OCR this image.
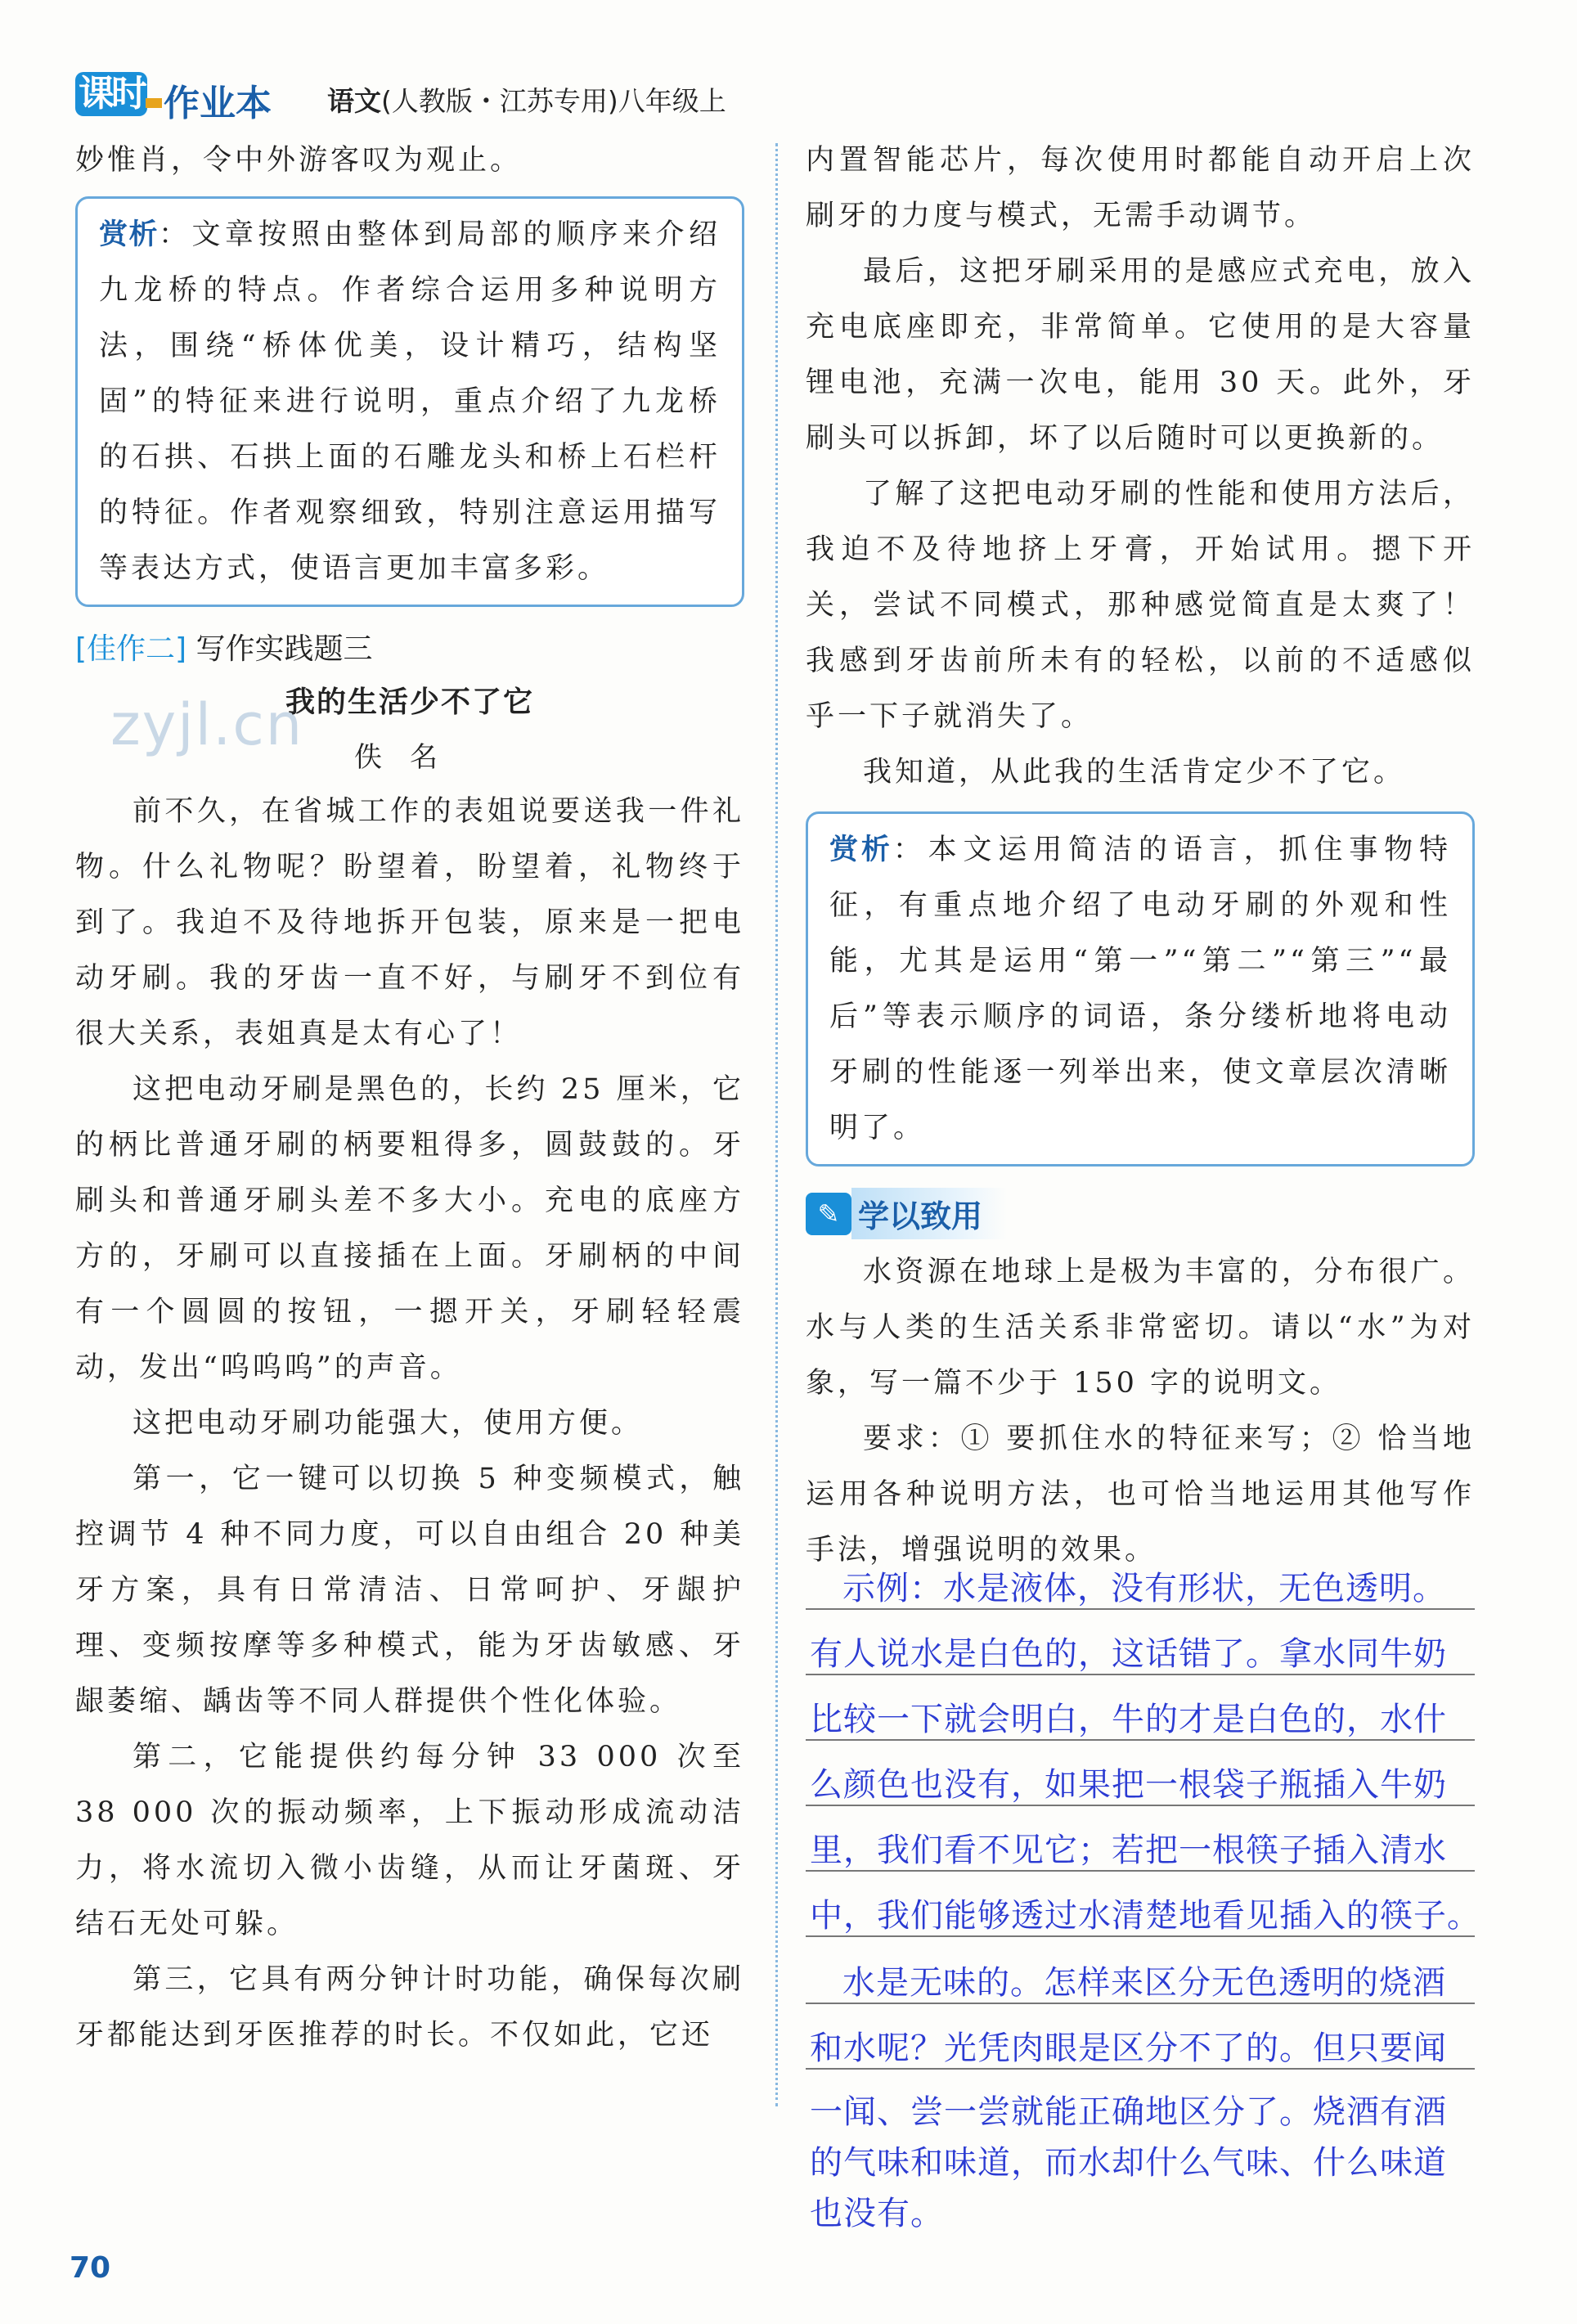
课时 作业本 语文(人教版・江苏专用)八年级上
zyjl.cn

妙惟肖，令中外游客叹为观止。

赏析：文章按照由整体到局部的顺序来介绍九龙桥的特点。作者综合运用多种说明方法，围绕“桥体优美，设计精巧，结构坚固”的特征来进行说明，重点介绍了九龙桥的石拱、石拱上面的石雕龙头和桥上石栏杆的特征。作者观察细致，特别注意运用描写等表达方式，使语言更加丰富多彩。
[佳作二] 写作实践题三
我的生活少不了它
佚名

前不久，在省城工作的表姐说要送我一件礼物。什么礼物呢？盼望着，盼望着，礼物终于到了。我迫不及待地拆开包装，原来是一把电动牙刷。我的牙齿一直不好，与刷牙不到位有很大关系，表姐真是太有心了！

这把电动牙刷是黑色的，长约 25 厘米，它的柄比普通牙刷的柄要粗得多，圆鼓鼓的。牙刷头和普通牙刷头差不多大小。充电的底座方方的，牙刷可以直接插在上面。牙刷柄的中间有一个圆圆的按钮，一摁开关，牙刷轻轻震动，发出“呜呜呜”的声音。

这把电动牙刷功能强大，使用方便。

第一，它一键可以切换 5 种变频模式，触控调节 4 种不同力度，可以自由组合 20 种美牙方案，具有日常清洁、日常呵护、牙龈护理、变频按摩等多种模式，能为牙齿敏感、牙龈萎缩、龋齿等不同人群提供个性化体验。

第二，它能提供约每分钟 33 000 次至 38 000 次的振动频率，上下振动形成流动洁力，将水流切入微小齿缝，从而让牙菌斑、牙结石无处可躲。

第三，它具有两分钟计时功能，确保每次刷牙都能达到牙医推荐的时长。不仅如此，它还

内置智能芯片，每次使用时都能自动开启上次刷牙的力度与模式，无需手动调节。

最后，这把牙刷采用的是感应式充电，放入充电底座即充，非常简单。它使用的是大容量锂电池，充满一次电，能用 30 天。此外，牙刷头可以拆卸，坏了以后随时可以更换新的。

了解了这把电动牙刷的性能和使用方法后，我迫不及待地挤上牙膏，开始试用。摁下开关，尝试不同模式，那种感觉简直是太爽了！我感到牙齿前所未有的轻松，以前的不适感似乎一下子就消失了。

我知道，从此我的生活肯定少不了它。

赏析：本文运用简洁的语言，抓住事物特征，有重点地介绍了电动牙刷的外观和性能，尤其是运用“第一”“第二”“第三”“最后”等表示顺序的词语，条分缕析地将电动牙刷的性能逐一列举出来，使文章层次清晰明了。
✎ 学以致用

水资源在地球上是极为丰富的，分布很广。水与人类的生活关系非常密切。请以“水”为对象，写一篇不少于 150 字的说明文。

要求：① 要抓住水的特征来写；② 恰当地运用各种说明方法，也可恰当地运用其他写作手法，增强说明的效果。

示例：水是液体，没有形状，无色透明。
有人说水是白色的，这话错了。拿水同牛奶
比较一下就会明白，牛的才是白色的，水什
么颜色也没有，如果把一根袋子瓶插入牛奶
里，我们看不见它；若把一根筷子插入清水
中，我们能够透过水清楚地看见插入的筷子。
水是无味的。怎样来区分无色透明的烧酒
和水呢？光凭肉眼是区分不了的。但只要闻
一闻、尝一尝就能正确地区分了。烧酒有酒
的气味和味道，而水却什么气味、什么味道
也没有。
70
